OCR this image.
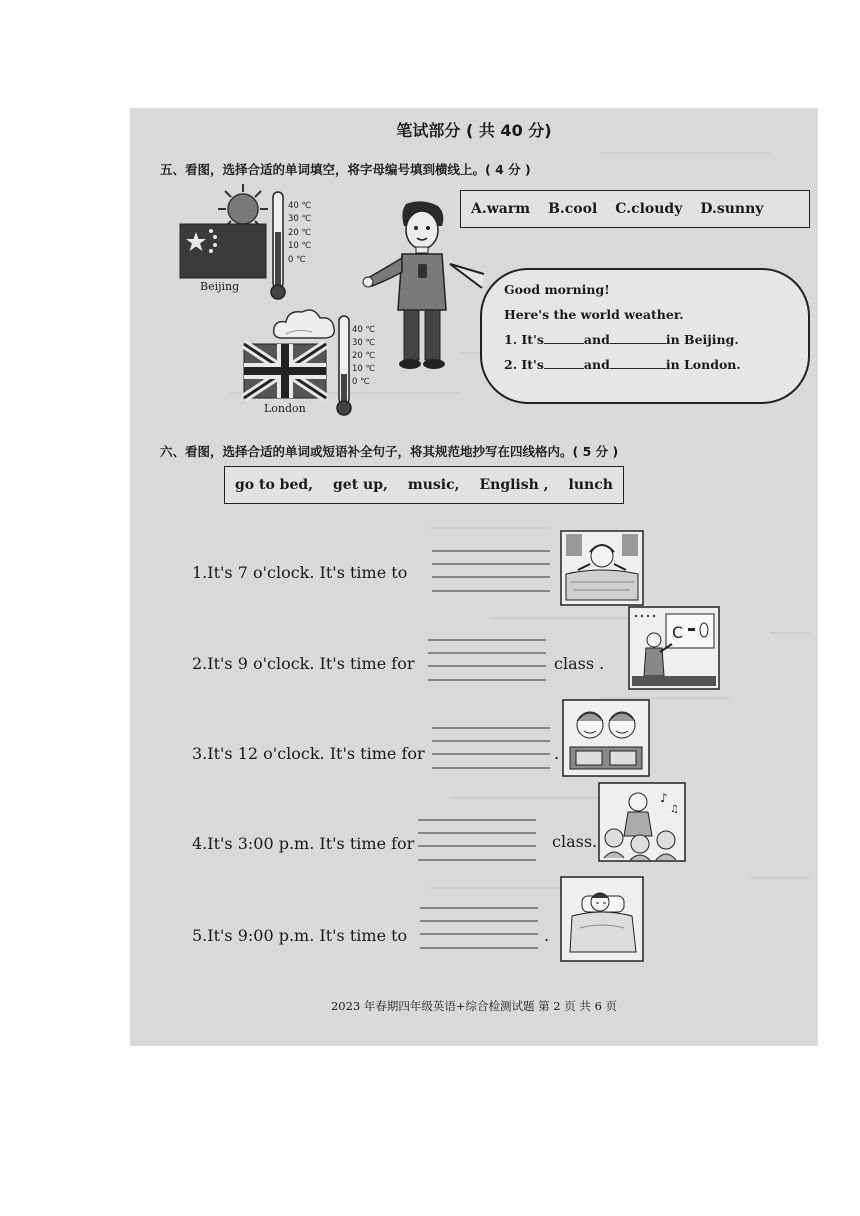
笔试部分 ( 共 40 分)
五、看图，选择合适的单词填空，将字母编号填到横线上。( 4 分 )
A.warm B.cool C.cloudy D.sunny
Beijing
40 ℃
30 ℃
20 ℃
10 ℃
0 ℃
London
40 ℃
30 ℃
20 ℃
10 ℃
0 ℃
Good morning!
Here's the world weather.
1. It's	and	in Beijing.
2. It's	and	in London.
六、看图，选择合适的单词或短语补全句子，将其规范地抄写在四线格内。( 5 分 )
go to bed, get up, music, English , lunch
1.It's 7 o'clock. It's time to
2.It's 9 o'clock. It's time for	class .
C
3.It's 12 o'clock. It's time for	.
4.It's 3:00 p.m. It's time for	class.
♪
♫
5.It's 9:00 p.m. It's time to	.
2023 年春期四年级英语+综合检测试题 第 2 页 共 6 页
